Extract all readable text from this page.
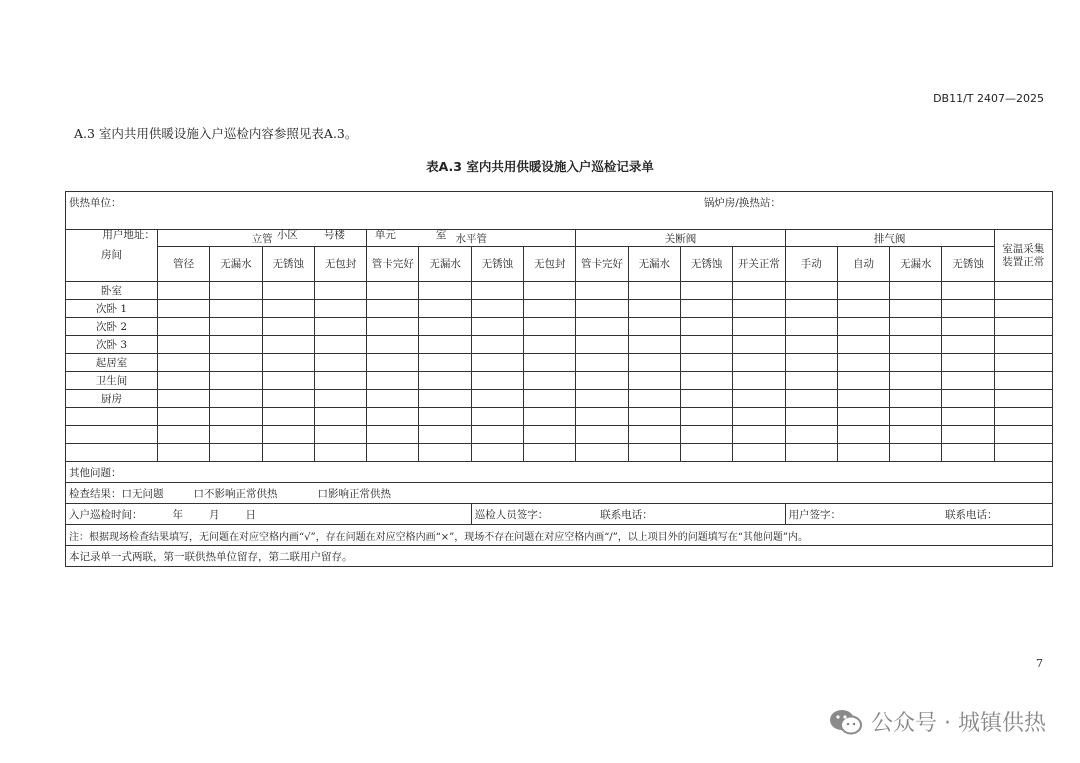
DB11/T 2407—2025
A.3 室内共用供暖设施入户巡检内容参照见表A.3。
表A.3 室内共用供暖设施入户巡检记录单
供热单位： 锅炉房/换热站：

用户地址： 小区 号楼 单元 室																	

房间	立管				水平管				关断阀				排气阀				室温采集装置正常
	管径	无漏水	无锈蚀	无包封	管卡完好	无漏水	无锈蚀	无包封	管卡完好	无漏水	无锈蚀	开关正常	手动	自动	无漏水	无锈蚀	
卧室																	
次卧 1																	
次卧 2																	
次卧 3																	
起居室																	
卫生间																	
厨房																	

其他问题：																	
检查结果：口无问题 口不影响正常供热 口影响正常供热																	
入户巡检时间： 年 月 日							巡检人员签字： 联系电话：						用户签字： 联系电话：				
注：根据现场检查结果填写，无问题在对应空格内画“√”，存在问题在对应空格内画“×”，现场不存在问题在对应空格内画“/”，以上项目外的问题填写在“其他问题”内。																	
本记录单一式两联，第一联供热单位留存，第二联用户留存。																	
7
公众号 · 城镇供热
